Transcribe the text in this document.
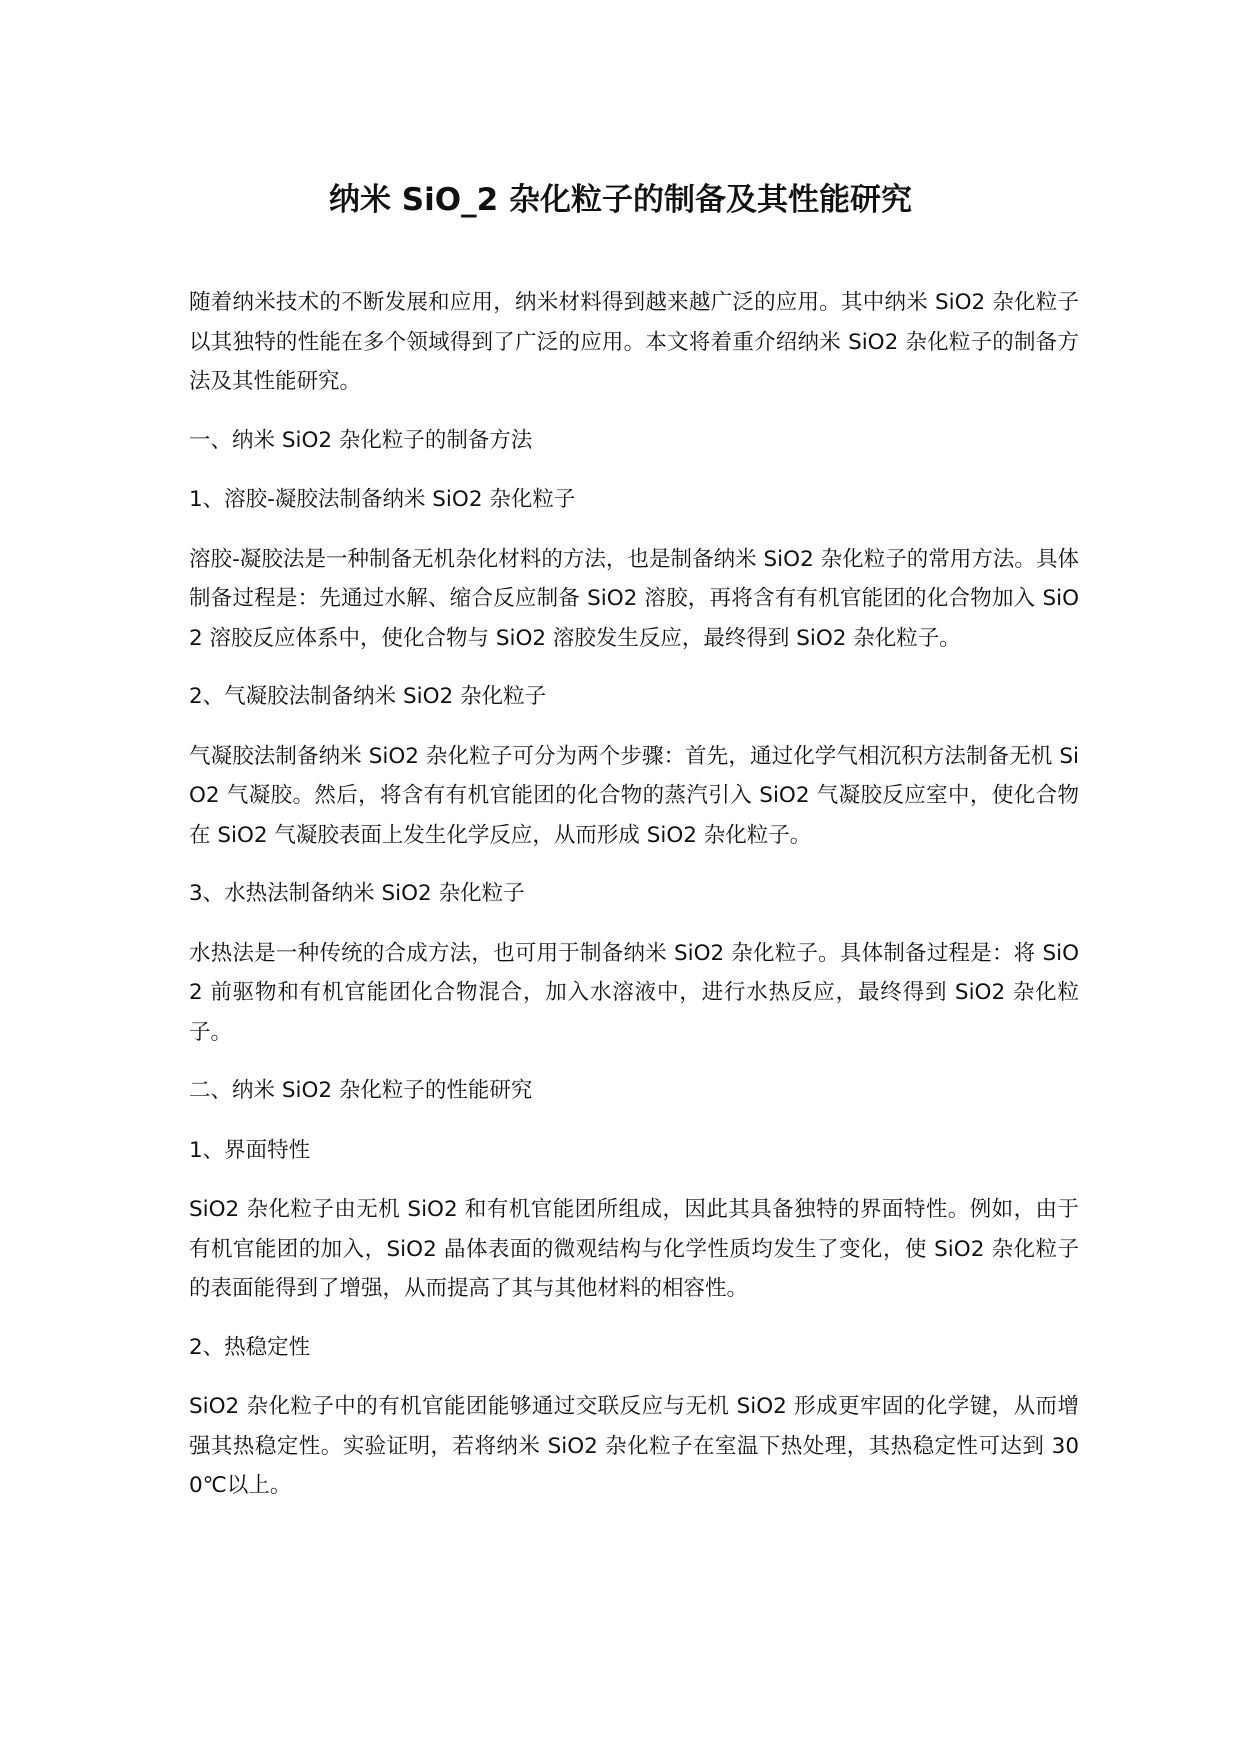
纳米 SiO_2 杂化粒子的制备及其性能研究

随着纳米技术的不断发展和应用，纳米材料得到越来越广泛的应用。其中纳米 SiO2 杂化粒子以其独特的性能在多个领域得到了广泛的应用。本文将着重介绍纳米 SiO2 杂化粒子的制备方法及其性能研究。

一、纳米 SiO2 杂化粒子的制备方法

1、溶胶-凝胶法制备纳米 SiO2 杂化粒子

溶胶-凝胶法是一种制备无机杂化材料的方法，也是制备纳米 SiO2 杂化粒子的常用方法。具体制备过程是：先通过水解、缩合反应制备 SiO2 溶胶，再将含有有机官能团的化合物加入 SiO2 溶胶反应体系中，使化合物与 SiO2 溶胶发生反应，最终得到 SiO2 杂化粒子。

2、气凝胶法制备纳米 SiO2 杂化粒子

气凝胶法制备纳米 SiO2 杂化粒子可分为两个步骤：首先，通过化学气相沉积方法制备无机 SiO2 气凝胶。然后，将含有有机官能团的化合物的蒸汽引入 SiO2 气凝胶反应室中，使化合物在 SiO2 气凝胶表面上发生化学反应，从而形成 SiO2 杂化粒子。

3、水热法制备纳米 SiO2 杂化粒子

水热法是一种传统的合成方法，也可用于制备纳米 SiO2 杂化粒子。具体制备过程是：将 SiO2 前驱物和有机官能团化合物混合，加入水溶液中，进行水热反应，最终得到 SiO2 杂化粒子。

二、纳米 SiO2 杂化粒子的性能研究

1、界面特性

SiO2 杂化粒子由无机 SiO2 和有机官能团所组成，因此其具备独特的界面特性。例如，由于有机官能团的加入，SiO2 晶体表面的微观结构与化学性质均发生了变化，使 SiO2 杂化粒子的表面能得到了增强，从而提高了其与其他材料的相容性。

2、热稳定性

SiO2 杂化粒子中的有机官能团能够通过交联反应与无机 SiO2 形成更牢固的化学键，从而增强其热稳定性。实验证明，若将纳米 SiO2 杂化粒子在室温下热处理，其热稳定性可达到 300℃以上。
